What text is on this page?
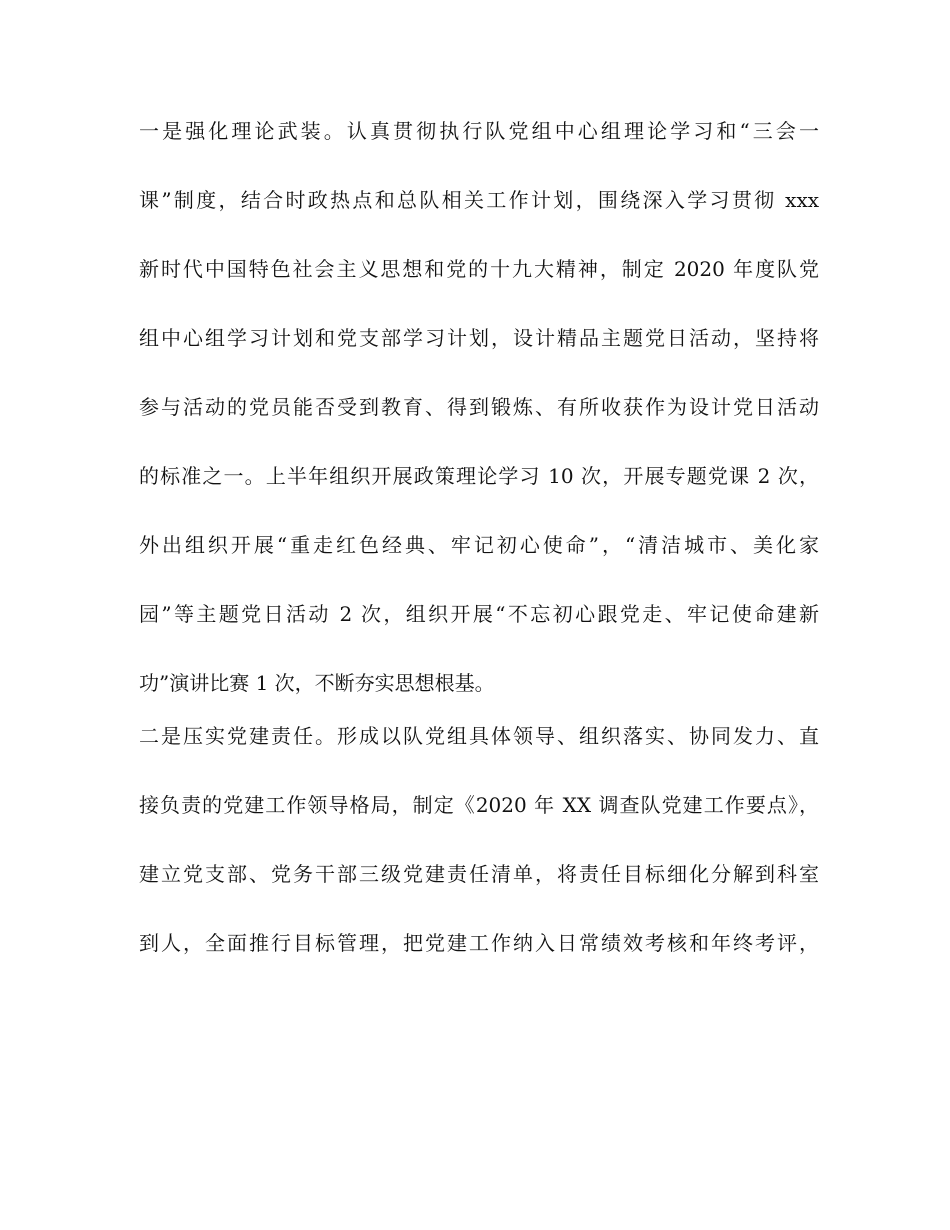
一是强化理论武装。认真贯彻执行队党组中心组理论学习和“三会一
课”制度，结合时政热点和总队相关工作计划，围绕深入学习贯彻 xxx
新时代中国特色社会主义思想和党的十九大精神，制定 2020 年度队党
组中心组学习计划和党支部学习计划，设计精品主题党日活动，坚持将
参与活动的党员能否受到教育、得到锻炼、有所收获作为设计党日活动
的标准之一。上半年组织开展政策理论学习 10 次，开展专题党课 2 次，
外出组织开展“重走红色经典、牢记初心使命”，“清洁城市、美化家
园”等主题党日活动 2 次，组织开展“不忘初心跟党走、牢记使命建新
功”演讲比赛 1 次，不断夯实思想根基。
二是压实党建责任。形成以队党组具体领导、组织落实、协同发力、直
接负责的党建工作领导格局，制定《2020 年 XX 调查队党建工作要点》，
建立党支部、党务干部三级党建责任清单，将责任目标细化分解到科室
到人，全面推行目标管理，把党建工作纳入日常绩效考核和年终考评，
